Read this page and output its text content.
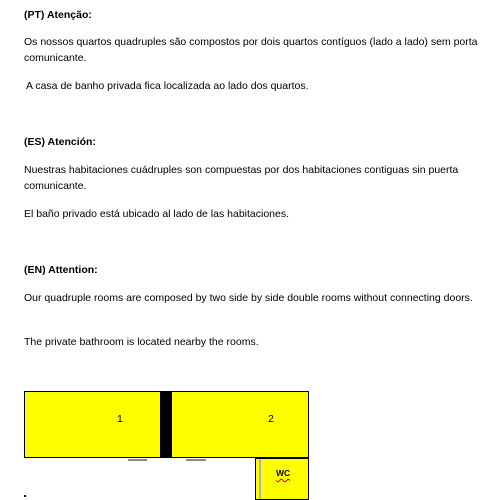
(PT) Atenção:
Os nossos quartos quadruples são compostos por dois quartos contíguos (lado a lado) sem porta comunicante.
A casa de banho privada fica localizada ao lado dos quartos.
(ES) Atención:
Nuestras habitaciones cuádruples son compuestas por dos habitaciones contiguas sin puerta comunicante.
El baño privado está ubicado al lado de las habitaciones.
(EN) Attention:
Our quadruple rooms are composed by two side by side double rooms without connecting doors.
The private bathroom is located nearby the rooms.
1	2
WC
